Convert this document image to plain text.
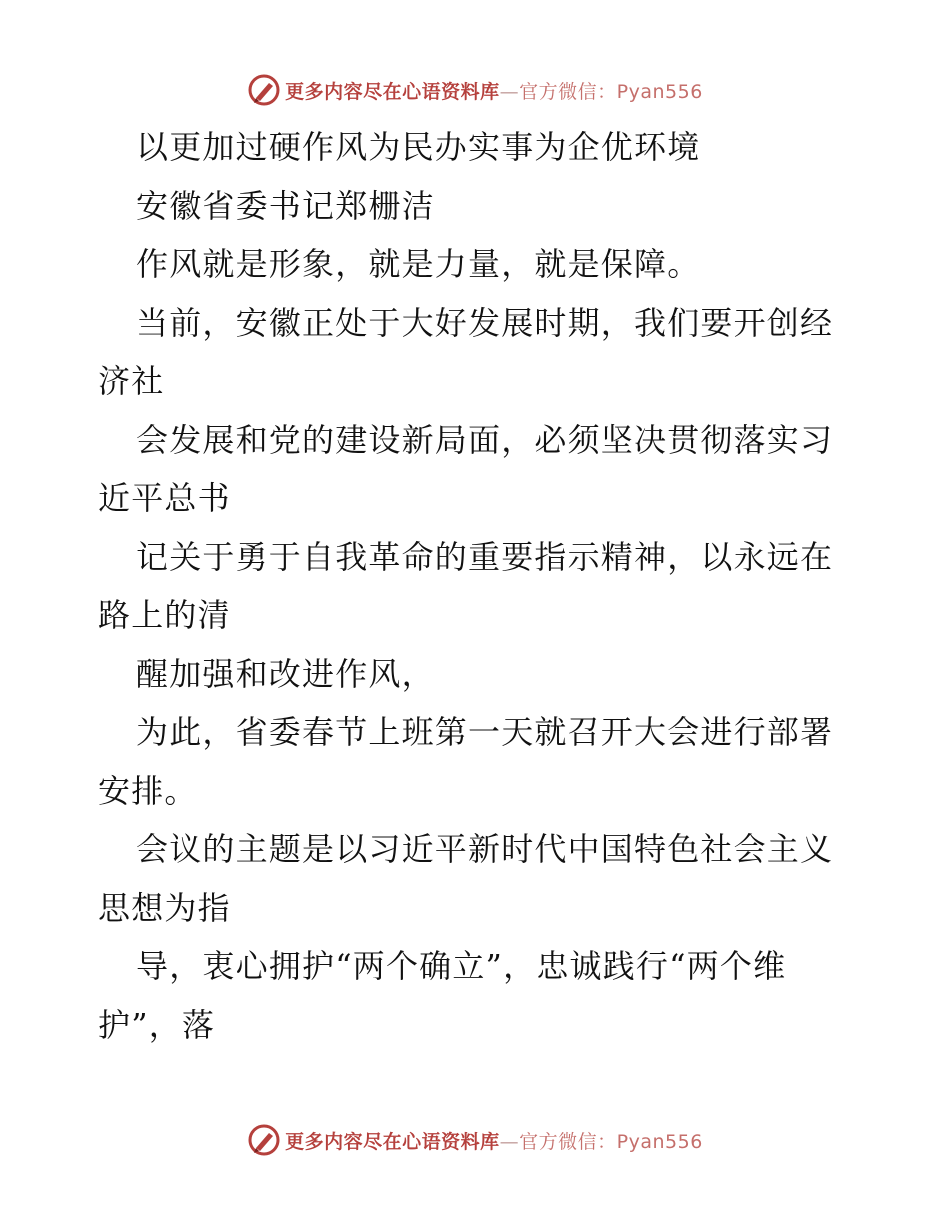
更多内容尽在心语资料库—官方微信：Pyan556
以更加过硬作风为民办实事为企优环境
安徽省委书记郑栅洁
作风就是形象，就是力量，就是保障。
当前，安徽正处于大好发展时期，我们要开创经
济社
会发展和党的建设新局面，必须坚决贯彻落实习
近平总书
记关于勇于自我革命的重要指示精神，以永远在
路上的清
醒加强和改进作风，
为此，省委春节上班第一天就召开大会进行部署
安排。
会议的主题是以习近平新时代中国特色社会主义
思想为指
导，衷心拥护“两个确立”，忠诚践行“两个维
护”，落
更多内容尽在心语资料库—官方微信：Pyan556
